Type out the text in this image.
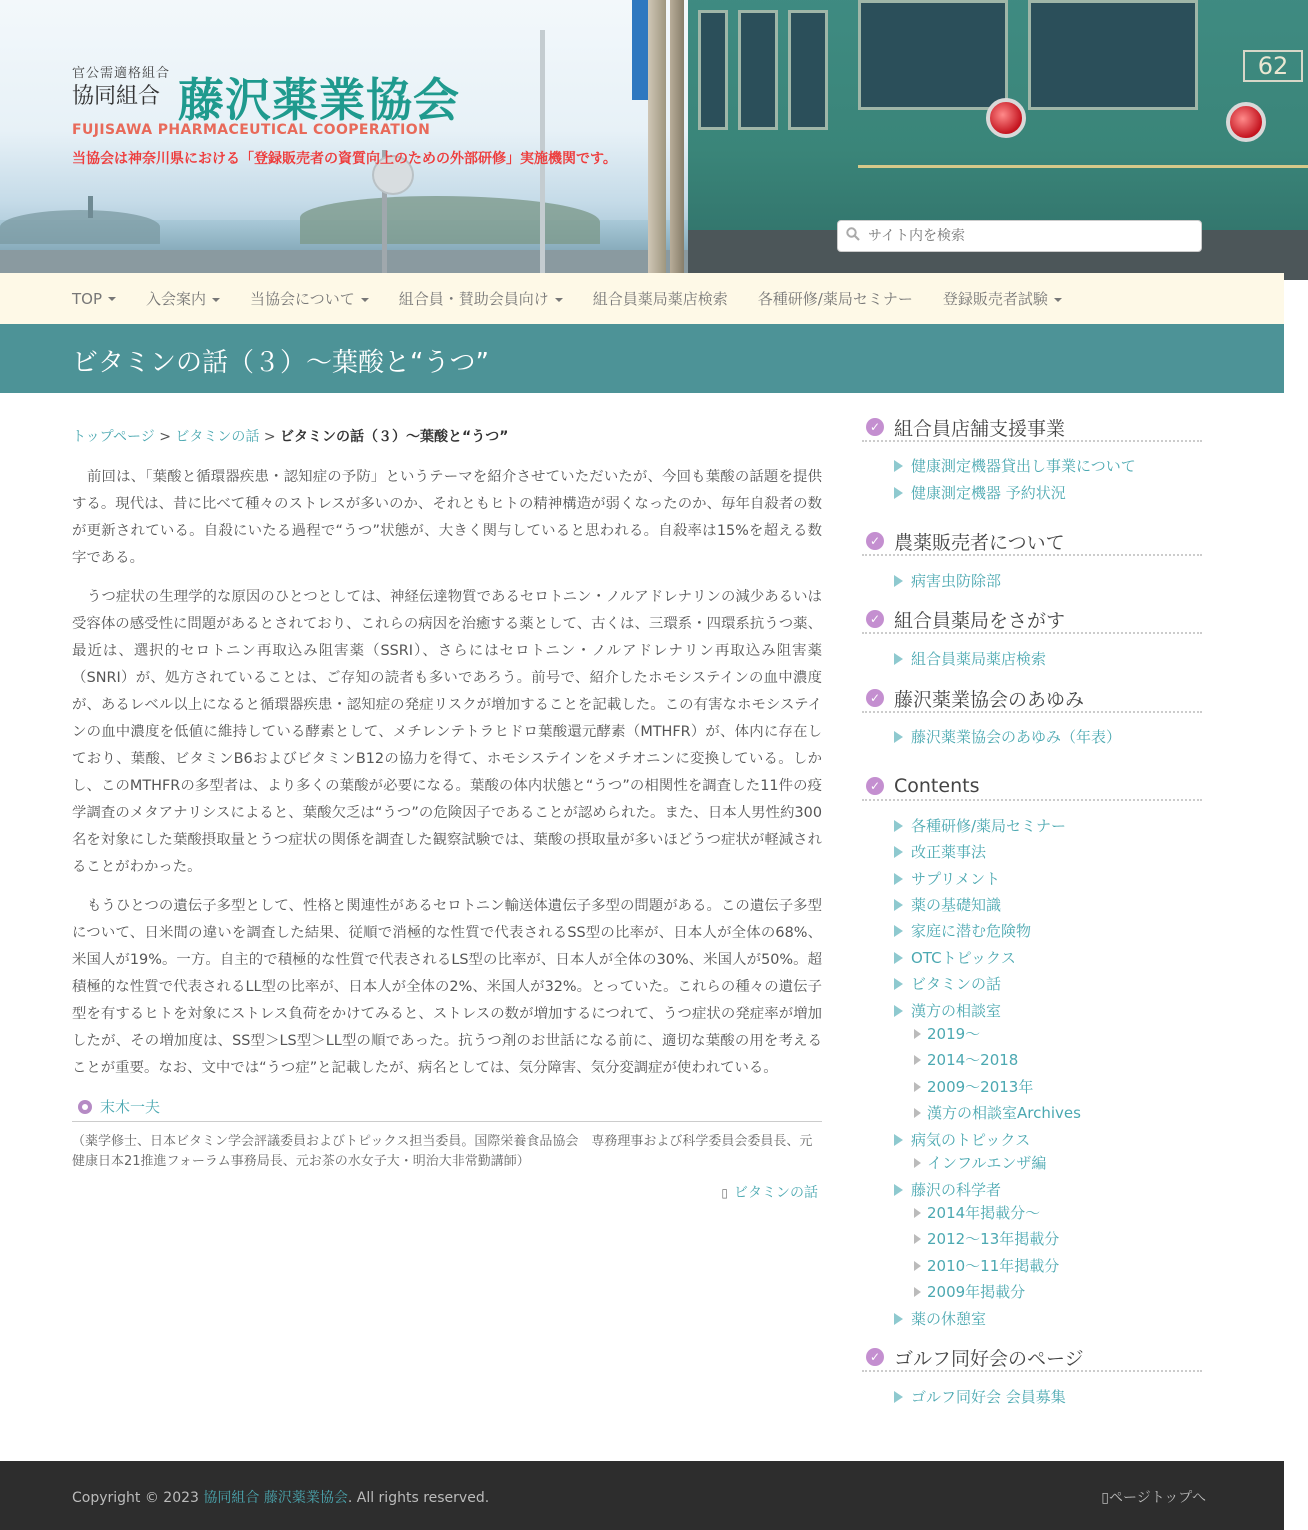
62
官公需適格組合
協同組合 藤沢薬業協会
FUJISAWA PHARMACEUTICAL COOPERATION
当協会は神奈川県における「登録販売者の資質向上のための外部研修」実施機関です。
サイト内を検索
TOP	入会案内	当協会について	組合員・賛助会員向け	組合員薬局薬店検索 各種研修/薬局セミナー 登録販売者試験
ビタミンの話（３）～葉酸と“うつ”
トップページ > ビタミンの話 > ビタミンの話（３）～葉酸と“うつ”

前回は、「葉酸と循環器疾患・認知症の予防」というテーマを紹介させていただいたが、今回も葉酸の話題を提供する。現代は、昔に比べて種々のストレスが多いのか、それともヒトの精神構造が弱くなったのか、毎年自殺者の数が更新されている。自殺にいたる過程で“うつ”状態が、大きく関与していると思われる。自殺率は15%を超える数字である。

うつ症状の生理学的な原因のひとつとしては、神経伝達物質であるセロトニン・ノルアドレナリンの減少あるいは受容体の感受性に問題があるとされており、これらの病因を治癒する薬として、古くは、三環系・四環系抗うつ薬、最近は、選択的セロトニン再取込み阻害薬（SSRI）、さらにはセロトニン・ノルアドレナリン再取込み阻害薬（SNRI）が、処方されていることは、ご存知の読者も多いであろう。前号で、紹介したホモシステインの血中濃度が、あるレベル以上になると循環器疾患・認知症の発症リスクが増加することを記載した。この有害なホモシステインの血中濃度を低値に維持している酵素として、メチレンテトラヒドロ葉酸還元酵素（MTHFR）が、体内に存在しており、葉酸、ビタミンB6およびビタミンB12の協力を得て、ホモシステインをメチオニンに変換している。しかし、このMTHFRの多型者は、より多くの葉酸が必要になる。葉酸の体内状態と“うつ”の相関性を調査した11件の疫学調査のメタアナリシスによると、葉酸欠乏は“うつ”の危険因子であることが認められた。また、日本人男性約300名を対象にした葉酸摂取量とうつ症状の関係を調査した観察試験では、葉酸の摂取量が多いほどうつ症状が軽減されることがわかった。

もうひとつの遺伝子多型として、性格と関連性があるセロトニン輸送体遺伝子多型の問題がある。この遺伝子多型について、日米間の違いを調査した結果、従順で消極的な性質で代表されるSS型の比率が、日本人が全体の68%、米国人が19%。一方。自主的で積極的な性質で代表されるLS型の比率が、日本人が全体の30%、米国人が50%。超積極的な性質で代表されるLL型の比率が、日本人が全体の2%、米国人が32%。とっていた。これらの種々の遺伝子型を有するヒトを対象にストレス負荷をかけてみると、ストレスの数が増加するにつれて、うつ症状の発症率が増加したが、その増加度は、SS型＞LS型＞LL型の順であった。抗うつ剤のお世話になる前に、適切な葉酸の用を考えることが重要。なお、文中では“うつ症”と記載したが、病名としては、気分障害、気分変調症が使われている。

末木一夫

（薬学修士、日本ビタミン学会評議委員およびトピックス担当委員。国際栄養食品協会　専務理事および科学委員会委員長、元健康日本21推進フォーラム事務局長、元お茶の水女子大・明治大非常勤講師）

▯ ビタミンの話
✓ 組合員店舗支援事業
健康測定機器貸出し事業について
健康測定機器 予約状況
✓ 農薬販売者について
病害虫防除部
✓ 組合員薬局をさがす
組合員薬局薬店検索
✓ 藤沢薬業協会のあゆみ
藤沢薬業協会のあゆみ（年表）
✓ Contents
各種研修/薬局セミナー
改正薬事法
サプリメント
薬の基礎知識
家庭に潜む危険物
OTCトピックス
ビタミンの話
漢方の相談室
2019～
2014～2018
2009～2013年
漢方の相談室Archives
病気のトピックス
インフルエンザ編
藤沢の科学者
2014年掲載分～
2012～13年掲載分
2010～11年掲載分
2009年掲載分
薬の休憩室
✓ ゴルフ同好会のページ
ゴルフ同好会 会員募集
Copyright © 2023 協同組合 藤沢薬業協会. All rights reserved.	▯ページトップへ
